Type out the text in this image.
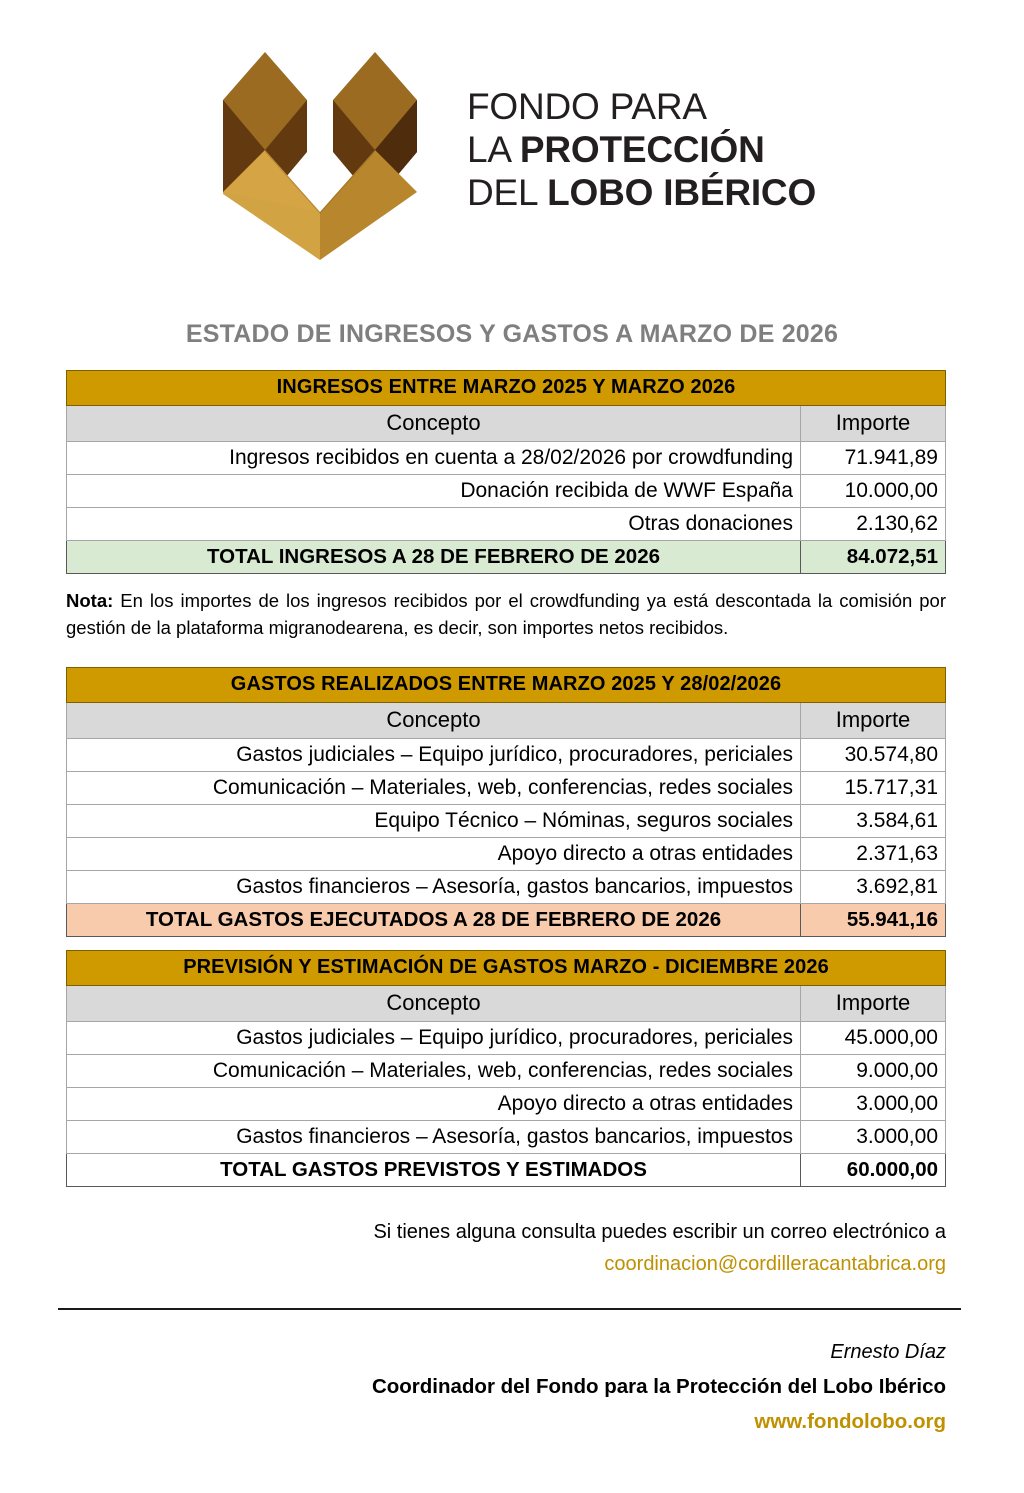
FONDO PARA
LA PROTECCIÓN
DEL LOBO IBÉRICO
ESTADO DE INGRESOS Y GASTOS A MARZO DE 2026
INGRESOS ENTRE MARZO 2025 Y MARZO 2026	
Concepto	Importe
Ingresos recibidos en cuenta a 28/02/2026 por crowdfunding	71.941,89
Donación recibida de WWF España	10.000,00
Otras donaciones	2.130,62
TOTAL INGRESOS A 28 DE FEBRERO DE 2026	84.072,51
Nota: En los importes de los ingresos recibidos por el crowdfunding ya está descontada la comisión por gestión de la plataforma migranodearena, es decir, son importes netos recibidos.
GASTOS REALIZADOS ENTRE MARZO 2025 Y 28/02/2026	
Concepto	Importe
Gastos judiciales – Equipo jurídico, procuradores, periciales	30.574,80
Comunicación – Materiales, web, conferencias, redes sociales	15.717,31
Equipo Técnico – Nóminas, seguros sociales	3.584,61
Apoyo directo a otras entidades	2.371,63
Gastos financieros – Asesoría, gastos bancarios, impuestos	3.692,81
TOTAL GASTOS EJECUTADOS A 28 DE FEBRERO DE 2026	55.941,16
PREVISIÓN Y ESTIMACIÓN DE GASTOS MARZO - DICIEMBRE 2026	
Concepto	Importe
Gastos judiciales – Equipo jurídico, procuradores, periciales	45.000,00
Comunicación – Materiales, web, conferencias, redes sociales	9.000,00
Apoyo directo a otras entidades	3.000,00
Gastos financieros – Asesoría, gastos bancarios, impuestos	3.000,00
TOTAL GASTOS PREVISTOS Y ESTIMADOS	60.000,00
Si tienes alguna consulta puedes escribir un correo electrónico a
coordinacion@cordilleracantabrica.org
Ernesto Díaz
Coordinador del Fondo para la Protección del Lobo Ibérico
www.fondolobo.org
